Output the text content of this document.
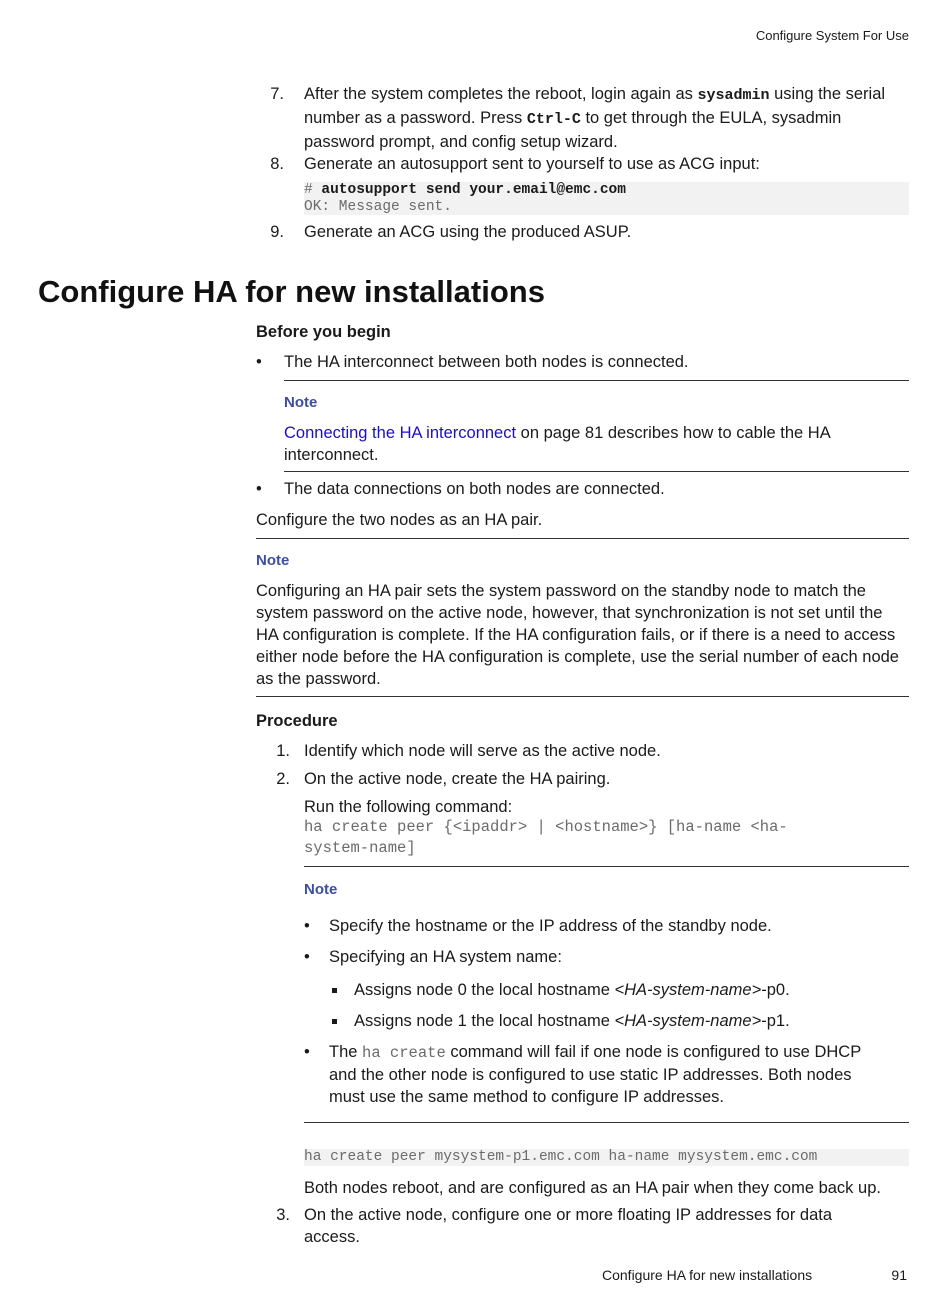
Configure System For Use
7. After the system completes the reboot, login again as sysadmin using the serial number as a password. Press Ctrl-C to get through the EULA, sysadmin password prompt, and config setup wizard.
8. Generate an autosupport sent to yourself to use as ACG input:
# autosupport send your.email@emc.com
OK: Message sent.
9. Generate an ACG using the produced ASUP.
Configure HA for new installations
Before you begin
• The HA interconnect between both nodes is connected.
Note
Connecting the HA interconnect on page 81 describes how to cable the HA interconnect.
• The data connections on both nodes are connected.
Configure the two nodes as an HA pair.
Note
Configuring an HA pair sets the system password on the standby node to match the system password on the active node, however, that synchronization is not set until the HA configuration is complete. If the HA configuration fails, or if there is a need to access either node before the HA configuration is complete, use the serial number of each node as the password.
Procedure
1. Identify which node will serve as the active node.
2. On the active node, create the HA pairing.
Run the following command:
ha create peer {<ipaddr> | <hostname>} [ha-name <ha-
system-name]
Note
• Specify the hostname or the IP address of the standby node.
• Specifying an HA system name:
Assigns node 0 the local hostname <HA-system-name>-p0.
Assigns node 1 the local hostname <HA-system-name>-p1.
• The ha create command will fail if one node is configured to use DHCP and the other node is configured to use static IP addresses. Both nodes must use the same method to configure IP addresses.
ha create peer mysystem-p1.emc.com ha-name mysystem.emc.com
Both nodes reboot, and are configured as an HA pair when they come back up.
3. On the active node, configure one or more floating IP addresses for data access.
Configure HA for new installations	91
